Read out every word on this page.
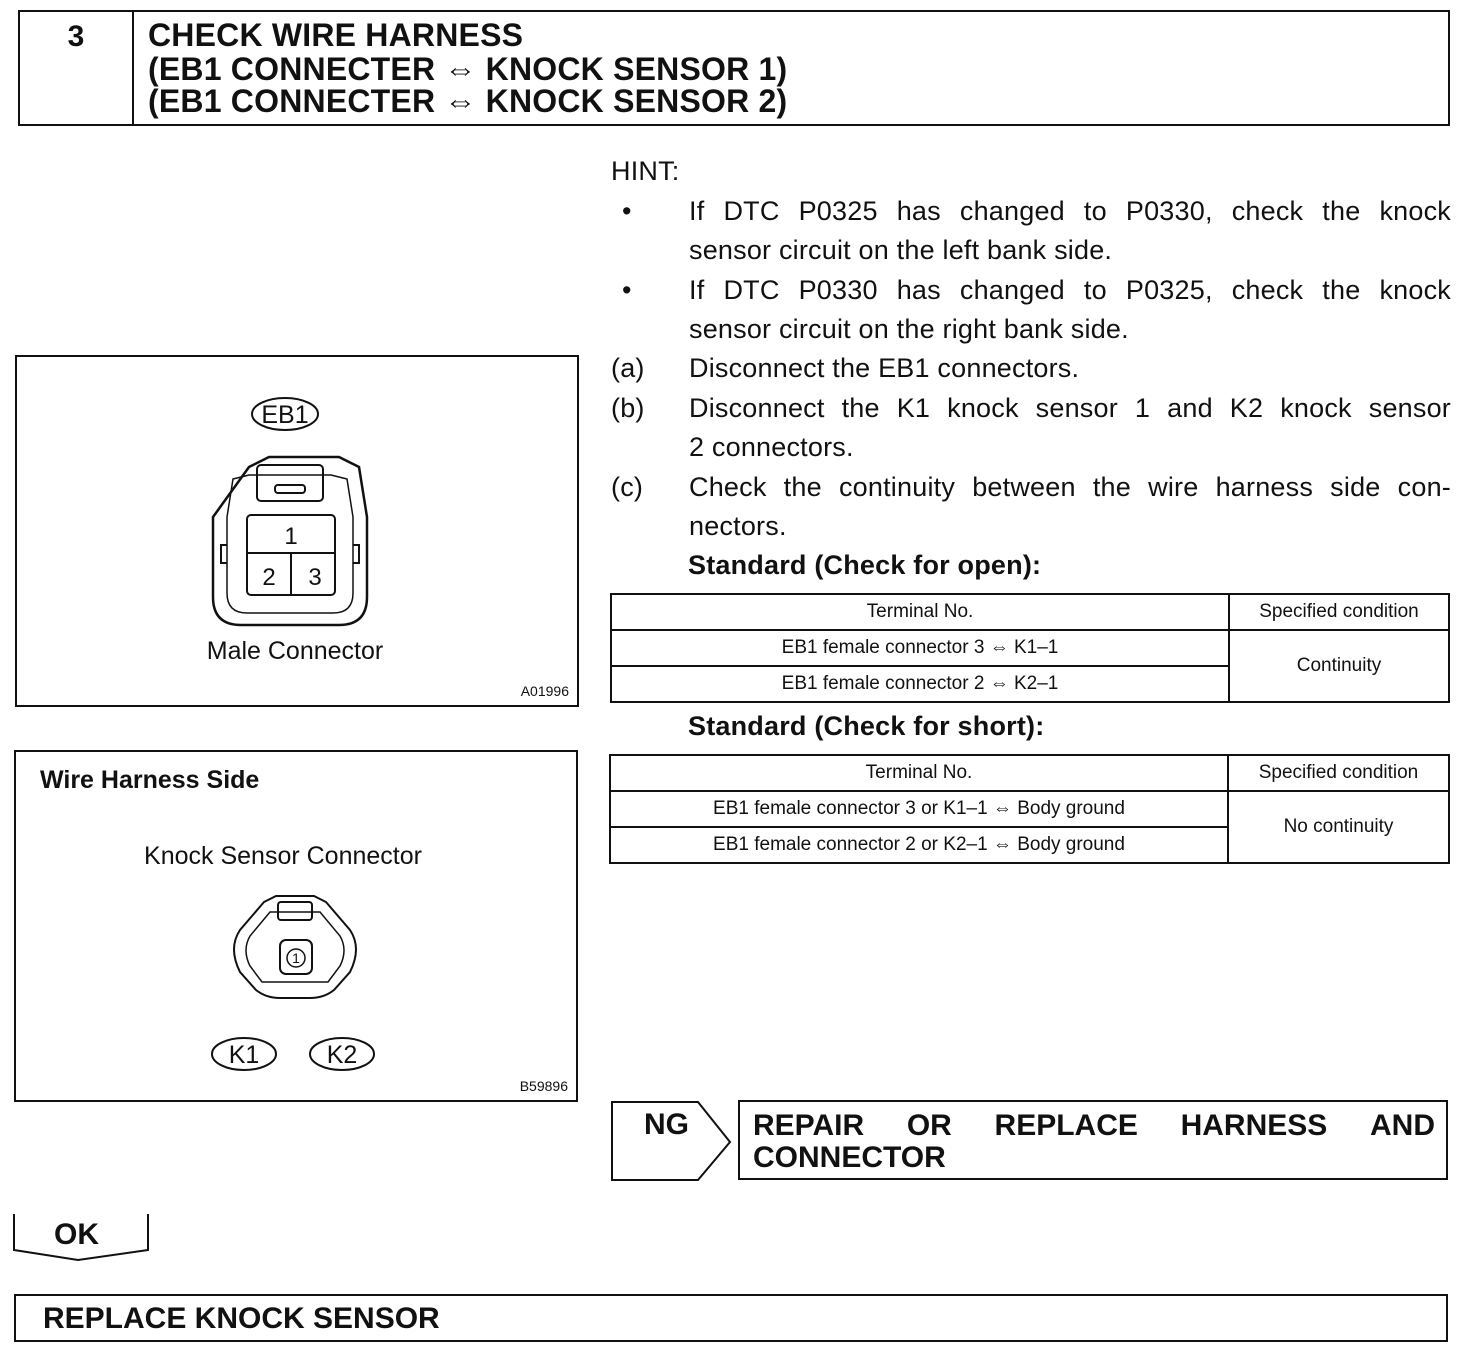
3	CHECK WIRE HARNESS
(EB1 CONNECTER ⇔ KNOCK SENSOR 1)
(EB1 CONNECTER ⇔ KNOCK SENSOR 2)
HINT:
• If DTC P0325 has changed to P0330, check the knock
sensor circuit on the left bank side.
• If DTC P0330 has changed to P0325, check the knock
sensor circuit on the right bank side.
(a) Disconnect the EB1 connectors.
(b) Disconnect the K1 knock sensor 1 and K2 knock sensor
2 connectors.
(c) Check the continuity between the wire harness side con-
nectors.
Standard (Check for open):
Terminal No.	Specified condition
EB1 female connector 3 ⇔ K1–1	Continuity
EB1 female connector 2 ⇔ K2–1	
Standard (Check for short):
Terminal No.	Specified condition
EB1 female connector 3 or K1–1 ⇔ Body ground	No continuity
EB1 female connector 2 or K2–1 ⇔ Body ground	
EB1
1
2 3
Male Connector
A01996
Wire Harness Side
Knock Sensor Connector
1
K1	K2
B59896
NG REPAIR OR REPLACE HARNESS AND
CONNECTOR
OK
REPLACE KNOCK SENSOR
